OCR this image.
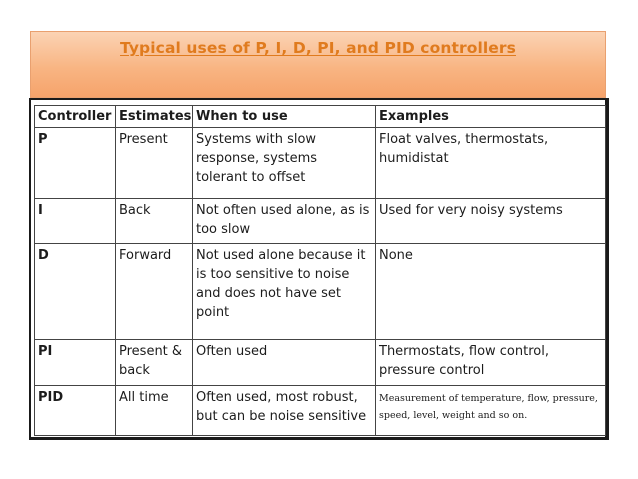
Typical uses of P, I, D, PI, and PID controllers
Controller	Estimates	When to use	Examples
P	Present	Systems with slow response, systems tolerant to offset	Float valves, thermostats, humidistat
I	Back	Not often used alone, as is too slow	Used for very noisy systems
D	Forward	Not used alone because it is too sensitive to noise and does not have set point	None
PI	Present & back	Often used	Thermostats, flow control, pressure control
PID	All time	Often used, most robust, but can be noise sensitive	Measurement of temperature, flow, pressure, speed, level, weight and so on.
